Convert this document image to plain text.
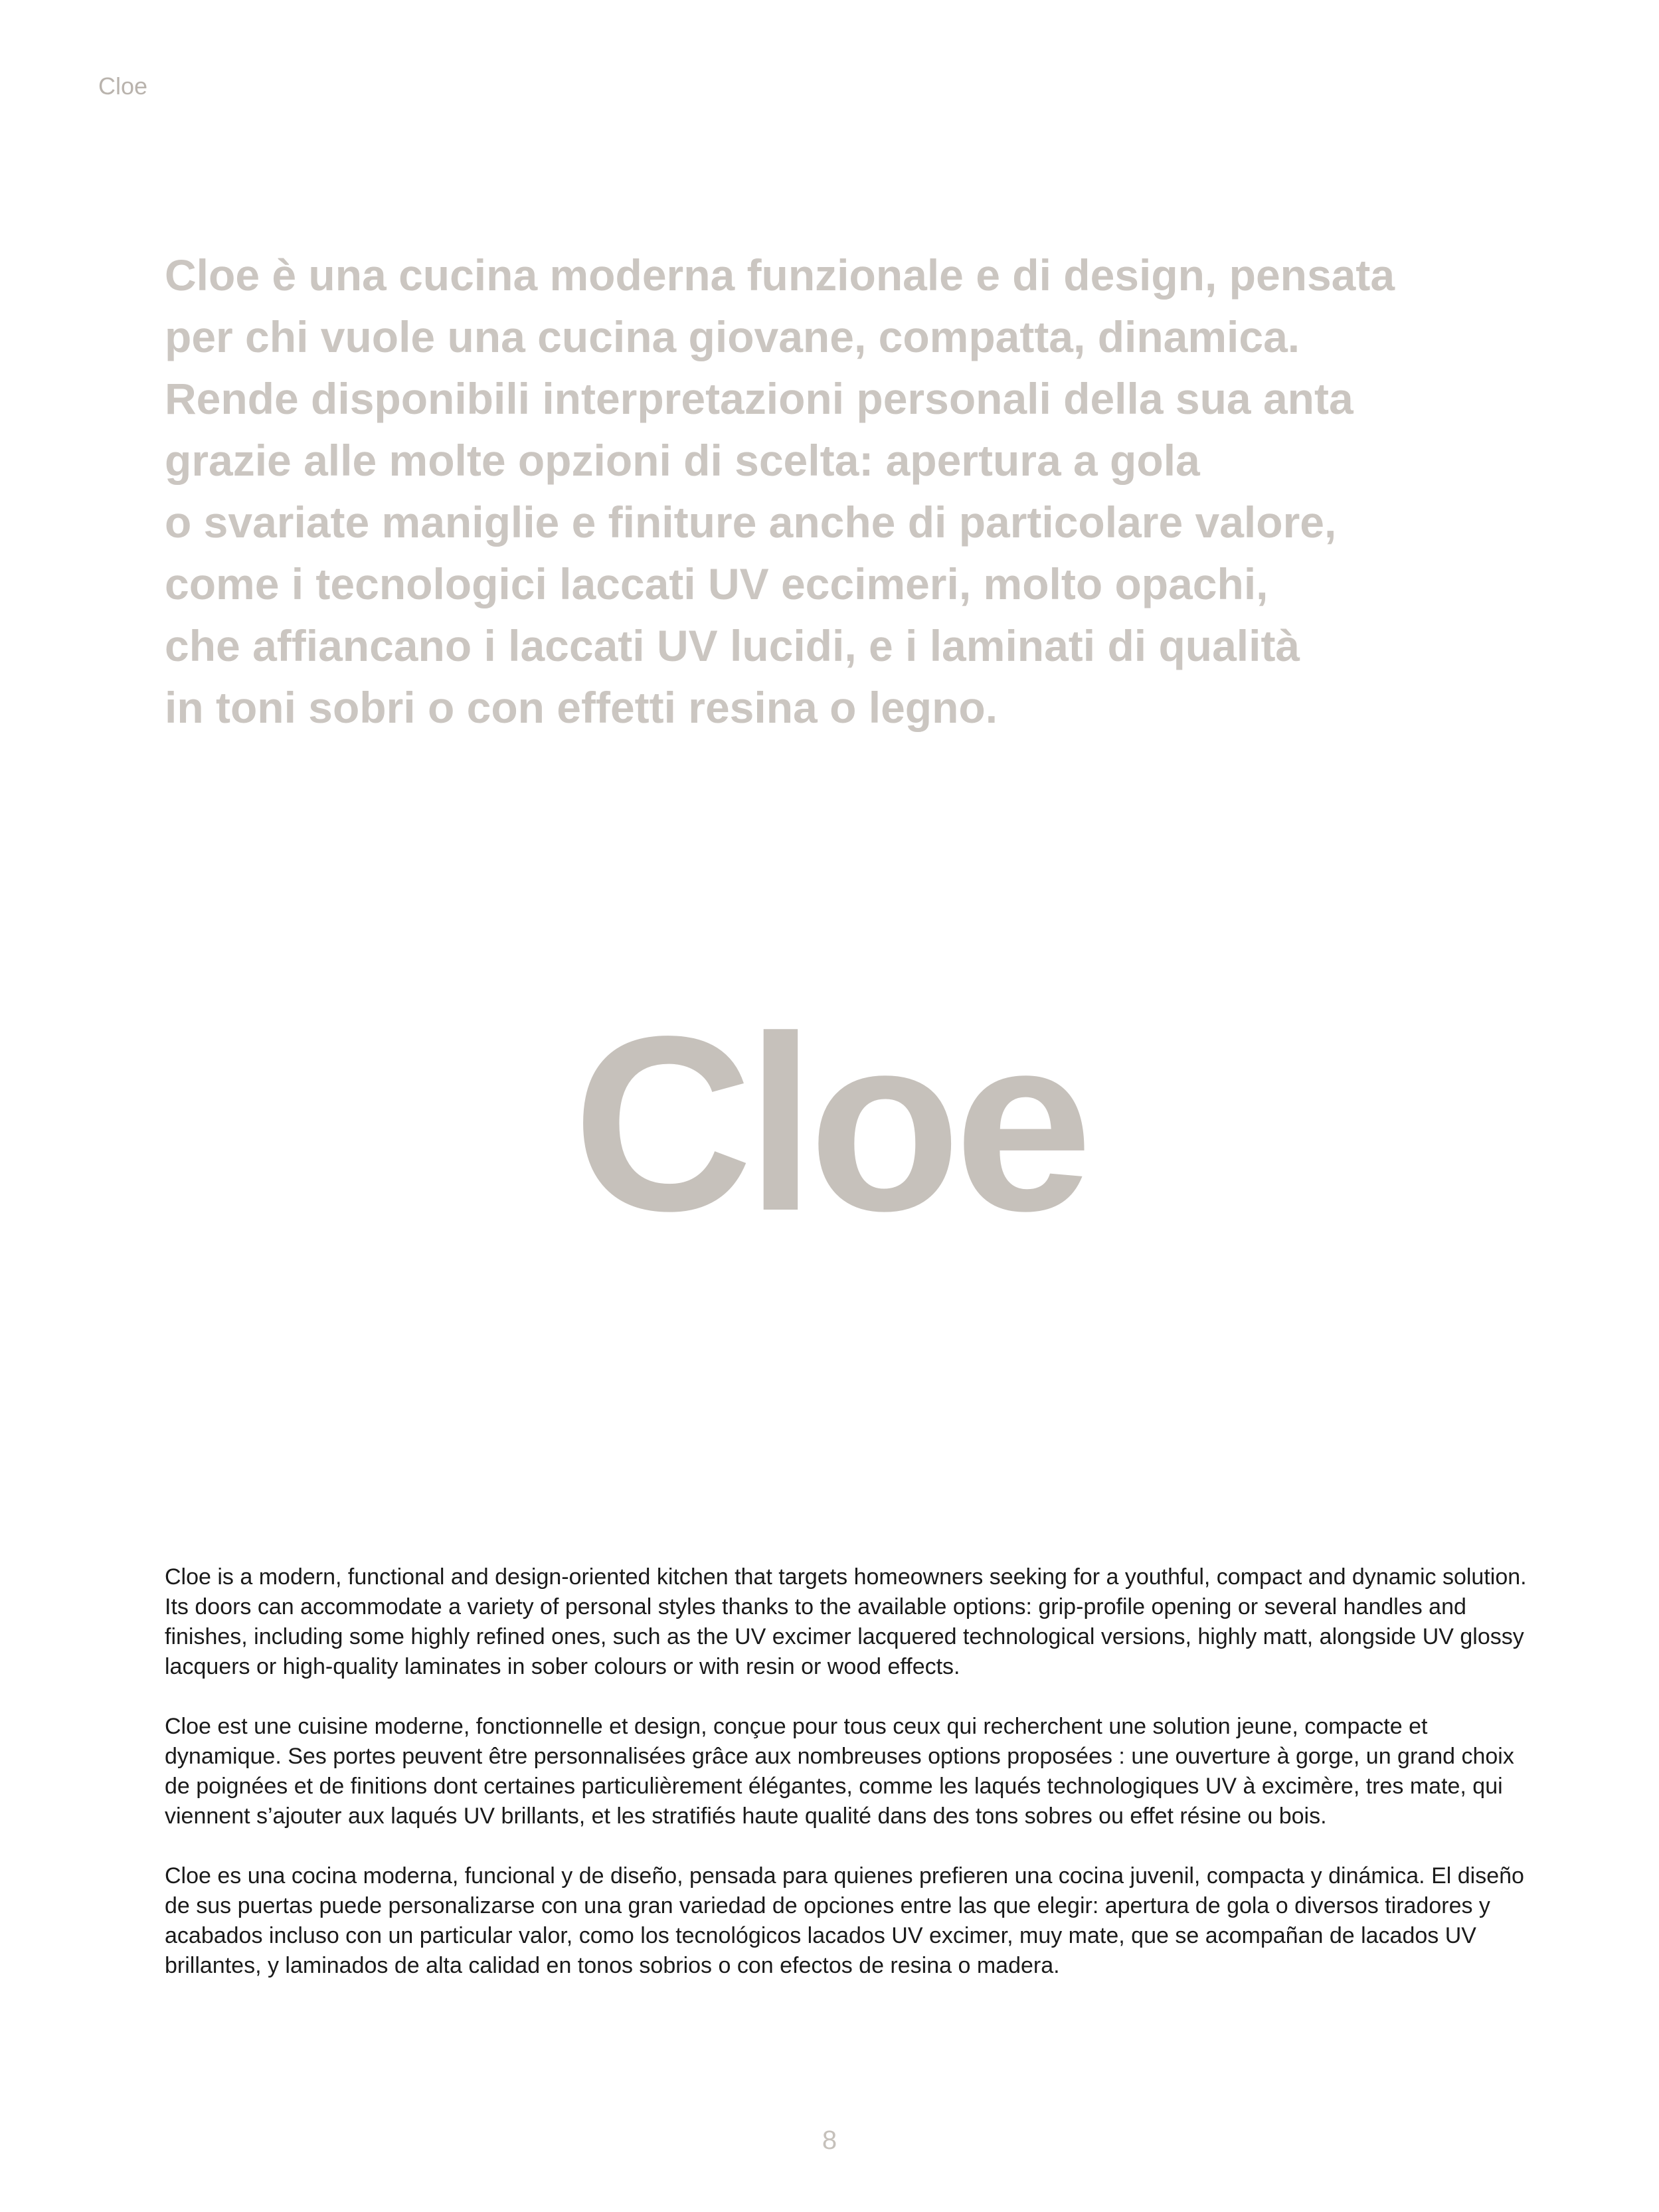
Cloe

Cloe è una cucina moderna funzionale e di design, pensata
per chi vuole una cucina giovane, compatta, dinamica.
Rende disponibili interpretazioni personali della sua anta
grazie alle molte opzioni di scelta: apertura a gola
o svariate maniglie e finiture anche di particolare valore,
come i tecnologici laccati UV eccimeri, molto opachi,
che affiancano i laccati UV lucidi, e i laminati di qualità
in toni sobri o con effetti resina o legno.

Cloe

Cloe is a modern, functional and design-oriented kitchen that targets homeowners seeking for a youthful, compact and dynamic solution. Its doors can accommodate a variety of personal styles thanks to the available options: grip-profile opening or several handles and finishes, including some highly refined ones, such as the UV excimer lacquered technological versions, highly matt, alongside UV glossy lacquers or high-quality laminates in sober colours or with resin or wood effects.

Cloe est une cuisine moderne, fonctionnelle et design, conçue pour tous ceux qui recherchent une solution jeune, compacte et dynamique. Ses portes peuvent être personnalisées grâce aux nombreuses options proposées : une ouverture à gorge, un grand choix de poignées et de finitions dont certaines particulièrement élégantes, comme les laqués technologiques UV à excimère, tres mate, qui viennent s’ajouter aux laqués UV brillants, et les stratifiés haute qualité dans des tons sobres ou effet résine ou bois.

Cloe es una cocina moderna, funcional y de diseño, pensada para quienes prefieren una cocina juvenil, compacta y dinámica. El diseño de sus puertas puede personalizarse con una gran variedad de opciones entre las que elegir: apertura de gola o diversos tiradores y acabados incluso con un particular valor, como los tecnológicos lacados UV excimer, muy mate, que se acompañan de lacados UV brillantes, y laminados de alta calidad en tonos sobrios o con efectos de resina o madera.

8
